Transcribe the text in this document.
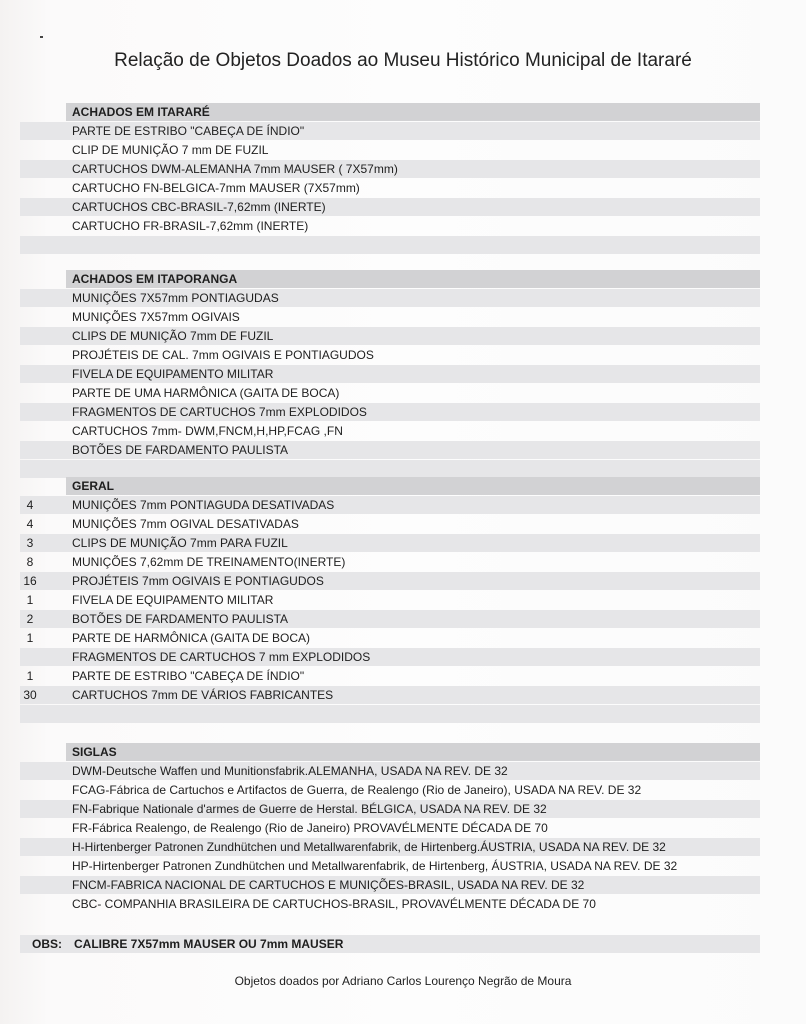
Relação de Objetos Doados ao Museu Histórico Municipal de Itararé
ACHADOS EM ITARARÉ
PARTE DE ESTRIBO "CABEÇA DE ÍNDIO"
CLIP DE MUNIÇÃO 7 mm DE FUZIL
CARTUCHOS DWM-ALEMANHA 7mm MAUSER ( 7X57mm)
CARTUCHO FN-BELGICA-7mm MAUSER (7X57mm)
CARTUCHOS CBC-BRASIL-7,62mm (INERTE)
CARTUCHO FR-BRASIL-7,62mm (INERTE)
ACHADOS EM ITAPORANGA
MUNIÇÕES 7X57mm PONTIAGUDAS
MUNIÇÕES 7X57mm OGIVAIS
CLIPS DE MUNIÇÃO 7mm DE FUZIL
PROJÉTEIS DE CAL. 7mm OGIVAIS E PONTIAGUDOS
FIVELA DE EQUIPAMENTO MILITAR
PARTE DE UMA HARMÔNICA (GAITA DE BOCA)
FRAGMENTOS DE CARTUCHOS 7mm EXPLODIDOS
CARTUCHOS 7mm- DWM,FNCM,H,HP,FCAG ,FN
BOTÕES DE FARDAMENTO PAULISTA
GERAL
4	MUNIÇÕES 7mm PONTIAGUDA DESATIVADAS
4	MUNIÇÕES 7mm OGIVAL DESATIVADAS
3	CLIPS DE MUNIÇÃO 7mm PARA FUZIL
8	MUNIÇÕES 7,62mm DE TREINAMENTO(INERTE)
16	PROJÉTEIS 7mm OGIVAIS E PONTIAGUDOS
1	FIVELA DE EQUIPAMENTO MILITAR
2	BOTÕES DE FARDAMENTO PAULISTA
1	PARTE DE HARMÔNICA (GAITA DE BOCA)
FRAGMENTOS DE CARTUCHOS 7 mm EXPLODIDOS
1	PARTE DE ESTRIBO "CABEÇA DE ÍNDIO"
30	CARTUCHOS 7mm DE VÁRIOS FABRICANTES
SIGLAS
DWM-Deutsche Waffen und Munitionsfabrik.ALEMANHA, USADA NA REV. DE 32
FCAG-Fábrica de Cartuchos e Artifactos de Guerra, de Realengo (Rio de Janeiro), USADA NA REV. DE 32
FN-Fabrique Nationale d'armes de Guerre de Herstal. BÉLGICA, USADA NA REV. DE 32
FR-Fábrica Realengo, de Realengo (Rio de Janeiro) PROVAVÉLMENTE DÉCADA DE 70
H-Hirtenberger Patronen Zundhütchen und Metallwarenfabrik, de Hirtenberg.ÁUSTRIA, USADA NA REV. DE 32
HP-Hirtenberger Patronen Zundhütchen und Metallwarenfabrik, de Hirtenberg, ÁUSTRIA, USADA NA REV. DE 32
FNCM-FABRICA NACIONAL DE CARTUCHOS E MUNIÇÕES-BRASIL, USADA NA REV. DE 32
CBC- COMPANHIA BRASILEIRA DE CARTUCHOS-BRASIL, PROVAVÉLMENTE DÉCADA DE 70
OBS: CALIBRE 7X57mm MAUSER OU 7mm MAUSER
Objetos doados por Adriano Carlos Lourenço Negrão de Moura
